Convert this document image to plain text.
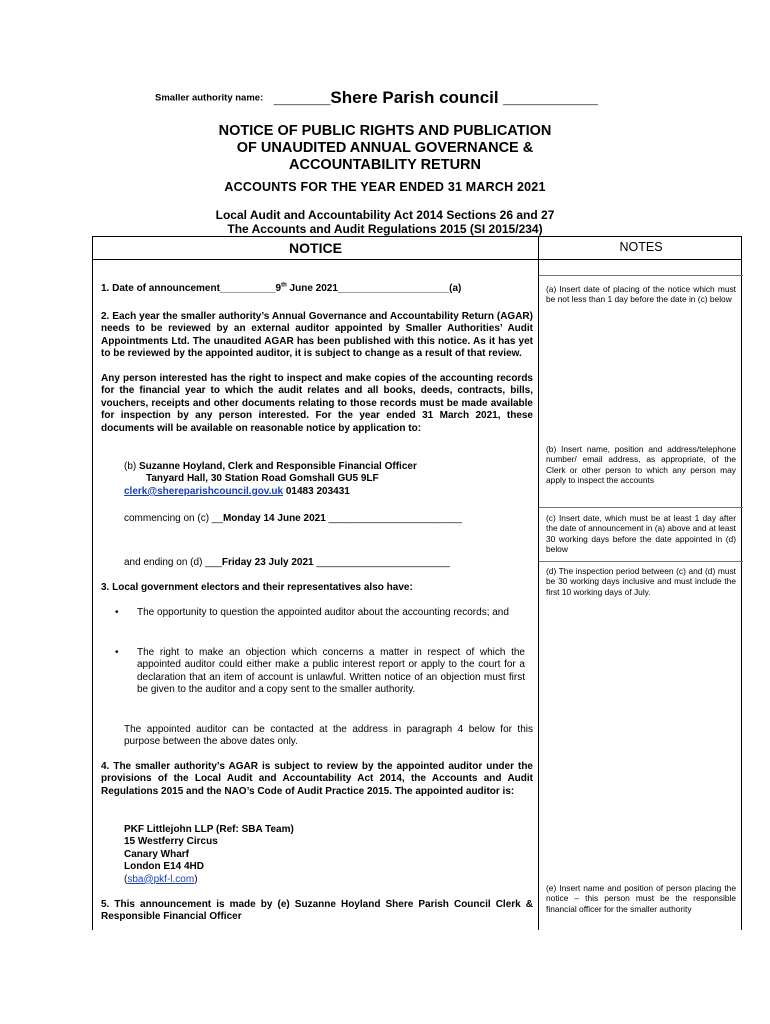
Smaller authority name: ______Shere Parish council __________
NOTICE OF PUBLIC RIGHTS AND PUBLICATION
OF UNAUDITED ANNUAL GOVERNANCE &
ACCOUNTABILITY RETURN
ACCOUNTS FOR THE YEAR ENDED 31 MARCH 2021
Local Audit and Accountability Act 2014 Sections 26 and 27
The Accounts and Audit Regulations 2015 (SI 2015/234)
NOTICE	NOTES
1. Date of announcement__________9th June 2021____________________(a)
2. Each year the smaller authority’s Annual Governance and Accountability Return (AGAR) needs to be reviewed by an external auditor appointed by Smaller Authorities’ Audit Appointments Ltd. The unaudited AGAR has been published with this notice. As it has yet to be reviewed by the appointed auditor, it is subject to change as a result of that review.
Any person interested has the right to inspect and make copies of the accounting records for the financial year to which the audit relates and all books, deeds, contracts, bills, vouchers, receipts and other documents relating to those records must be made available for inspection by any person interested. For the year ended 31 March 2021, these documents will be available on reasonable notice by application to:
(b) Suzanne Hoyland, Clerk and Responsible Financial Officer
Tanyard Hall, 30 Station Road Gomshall GU5 9LF
clerk@shereparishcouncil.gov.uk 01483 203431
commencing on (c) __Monday 14 June 2021 ________________________
and ending on (d) ___Friday 23 July 2021 ________________________
3. Local government electors and their representatives also have:
• The opportunity to question the appointed auditor about the accounting records; and
• The right to make an objection which concerns a matter in respect of which the appointed auditor could either make a public interest report or apply to the court for a declaration that an item of account is unlawful. Written notice of an objection must first be given to the auditor and a copy sent to the smaller authority.
The appointed auditor can be contacted at the address in paragraph 4 below for this purpose between the above dates only.
4. The smaller authority’s AGAR is subject to review by the appointed auditor under the provisions of the Local Audit and Accountability Act 2014, the Accounts and Audit Regulations 2015 and the NAO’s Code of Audit Practice 2015. The appointed auditor is:
PKF Littlejohn LLP (Ref: SBA Team)
15 Westferry Circus
Canary Wharf
London E14 4HD
(sba@pkf-l.com)
5. This announcement is made by (e) Suzanne Hoyland Shere Parish Council Clerk & Responsible Financial Officer
(a) Insert date of placing of the notice which must be not less than 1 day before the date in (c) below
(b) Insert name, position and address/telephone number/ email address, as appropriate, of the Clerk or other person to which any person may apply to inspect the accounts
(c) Insert date, which must be at least 1 day after the date of announcement in (a) above and at least 30 working days before the date appointed in (d) below
(d) The inspection period between (c) and (d) must be 30 working days inclusive and must include the first 10 working days of July.
(e) Insert name and position of person placing the notice – this person must be the responsible financial officer for the smaller authority
